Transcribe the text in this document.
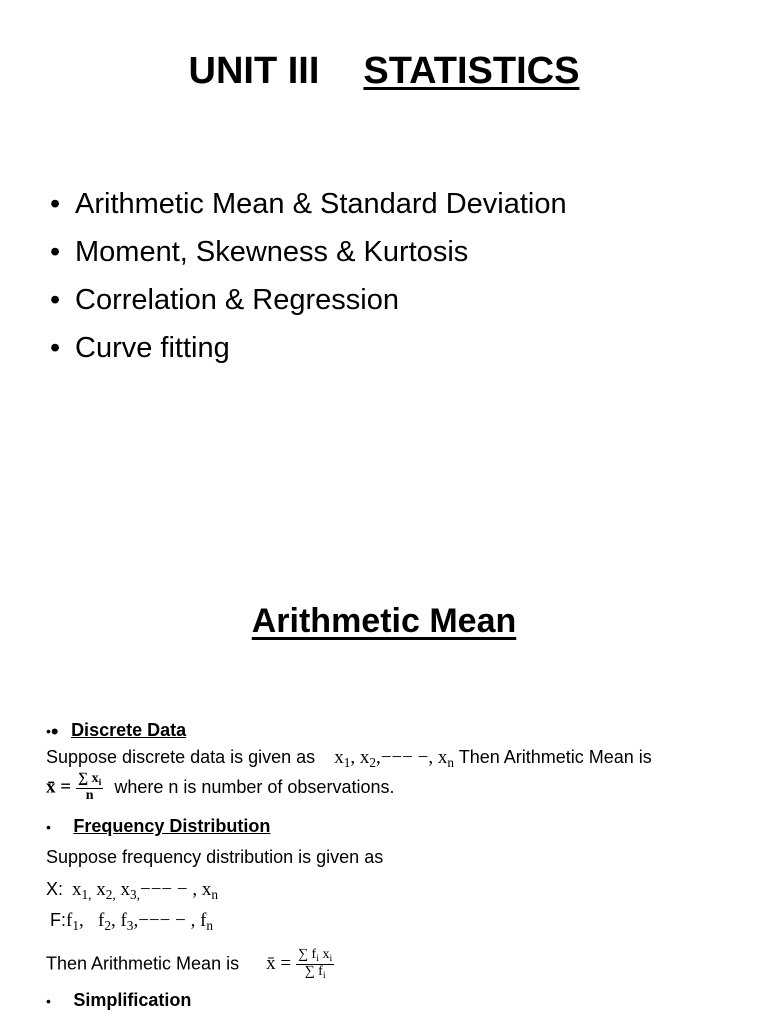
UNIT III STATISTICS
• Arithmetic Mean & Standard Deviation
• Moment, Skewness & Kurtosis
• Correlation & Regression
• Curve fitting
Arithmetic Mean
•• Discrete Data
Suppose discrete data is given as $x_1$, $x_2,---$ −, $x_n$ Then Arithmetic Mean is
x̄ = $\frac{\sum x_i}{n}$ where n is number of observations.
• Frequency Distribution
Suppose frequency distribution is given as
X: $x_{1,}$ $x_{2,}$ $x_{3,}---$ − , $x_n$
$F:f_1$,   $f_2$, $f_3,---$ − , $f_n$
Then Arithmetic Mean is x̄ = $\frac{\sum f_i x_i}{\sum f_i}$
• Simplification
